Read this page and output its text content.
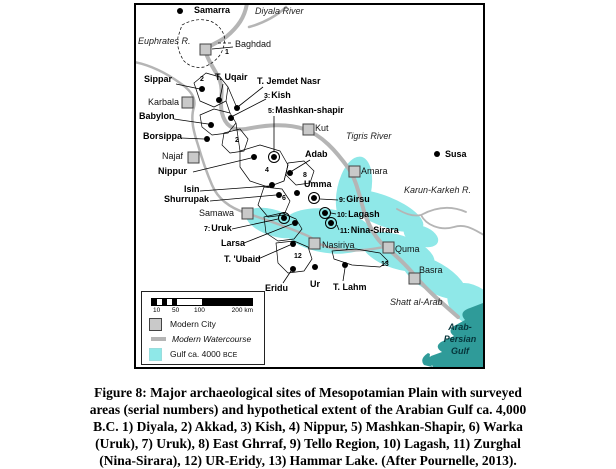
Samarra
Sippar	T. Uqair T. Jemdet Nasr
3:Kish
5:Mashkan-shapir
Babylon
Borsippa
Nippur
Adab
Umma
Isin
Shurrupak	9:Girsu
10:Lagash
11:Nina-Sirara
7:Uruk
Larsa
T. 'Ubaid
Eridu Ur T. Lahm
Susa
Baghdad
Karbala
Najaf
Kut
Amara
Samawa
Nasiriya	Quma
Basra
Diyala River
Euphrates R.
Tigris River
Karun-Karkeh R.
Shatt al-Arab
1
2
2
4
6
8
12
13
Arab-
Persian
Gulf
10 50 100	200 km
Modern City
Modern Watercourse
Gulf ca. 4000 BCE
Figure 8: Major archaeological sites of Mesopotamian Plain with surveyed
areas (serial numbers) and hypothetical extent of the Arabian Gulf ca. 4,000
B.C. 1) Diyala, 2) Akkad, 3) Kish, 4) Nippur, 5) Mashkan-Shapir, 6) Warka
(Uruk), 7) Uruk), 8) East Ghrraf, 9) Tello Region, 10) Lagash, 11) Zurghal
(Nina-Sirara), 12) UR-Eridy, 13) Hammar Lake. (After Pournelle, 2013).
